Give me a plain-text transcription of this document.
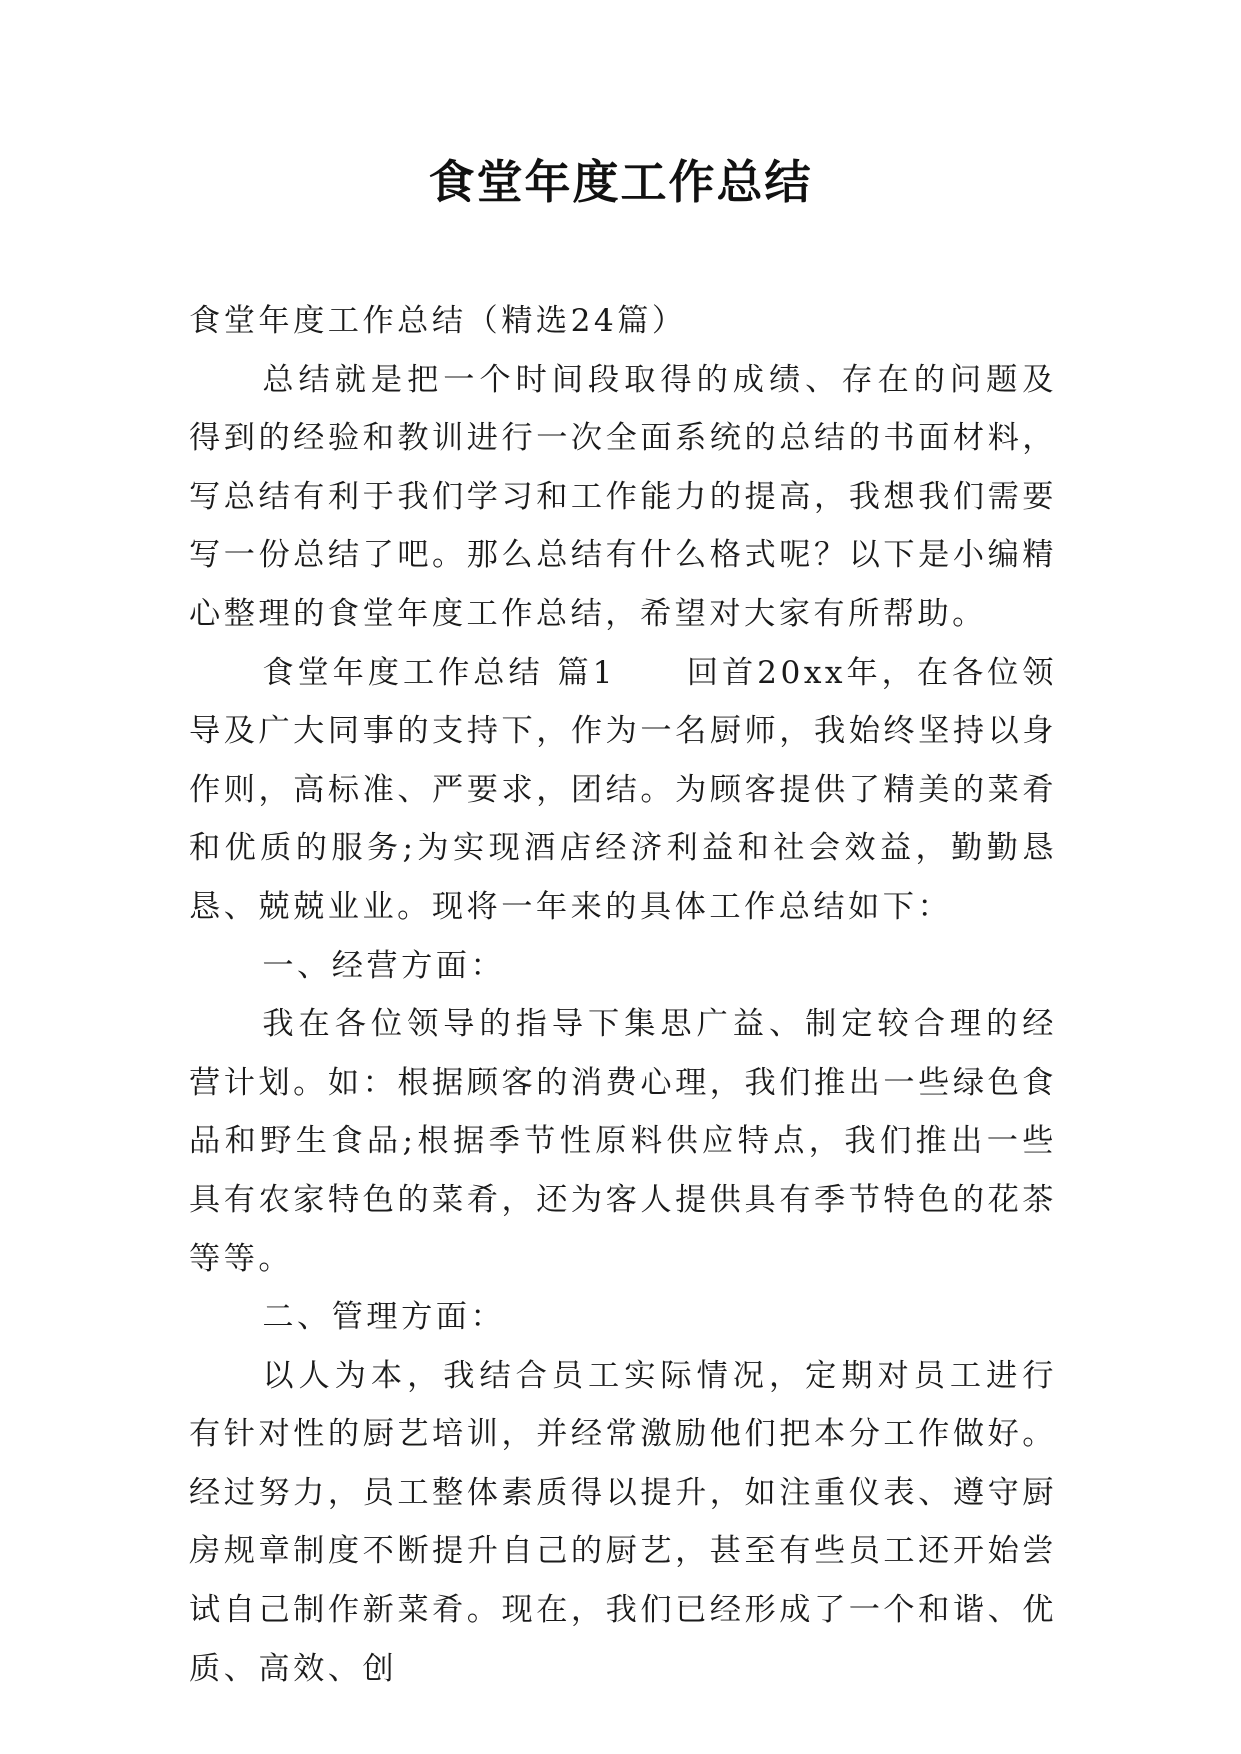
食堂年度工作总结

食堂年度工作总结（精选24篇）

总结就是把一个时间段取得的成绩、存在的问题及得到的经验和教训进行一次全面系统的总结的书面材料，写总结有利于我们学习和工作能力的提高，我想我们需要写一份总结了吧。那么总结有什么格式呢？以下是小编精心整理的食堂年度工作总结，希望对大家有所帮助。

食堂年度工作总结 篇1　　回首20xx年，在各位领导及广大同事的支持下，作为一名厨师，我始终坚持以身作则，高标准、严要求，团结。为顾客提供了精美的菜肴和优质的服务;为实现酒店经济利益和社会效益，勤勤恳恳、兢兢业业。现将一年来的具体工作总结如下：

一、经营方面：

我在各位领导的指导下集思广益、制定较合理的经营计划。如：根据顾客的消费心理，我们推出一些绿色食品和野生食品;根据季节性原料供应特点，我们推出一些具有农家特色的菜肴，还为客人提供具有季节特色的花茶等等。

二、管理方面：

以人为本，我结合员工实际情况，定期对员工进行有针对性的厨艺培训，并经常激励他们把本分工作做好。经过努力，员工整体素质得以提升，如注重仪表、遵守厨房规章制度不断提升自己的厨艺，甚至有些员工还开始尝试自己制作新菜肴。现在，我们已经形成了一个和谐、优质、高效、创
